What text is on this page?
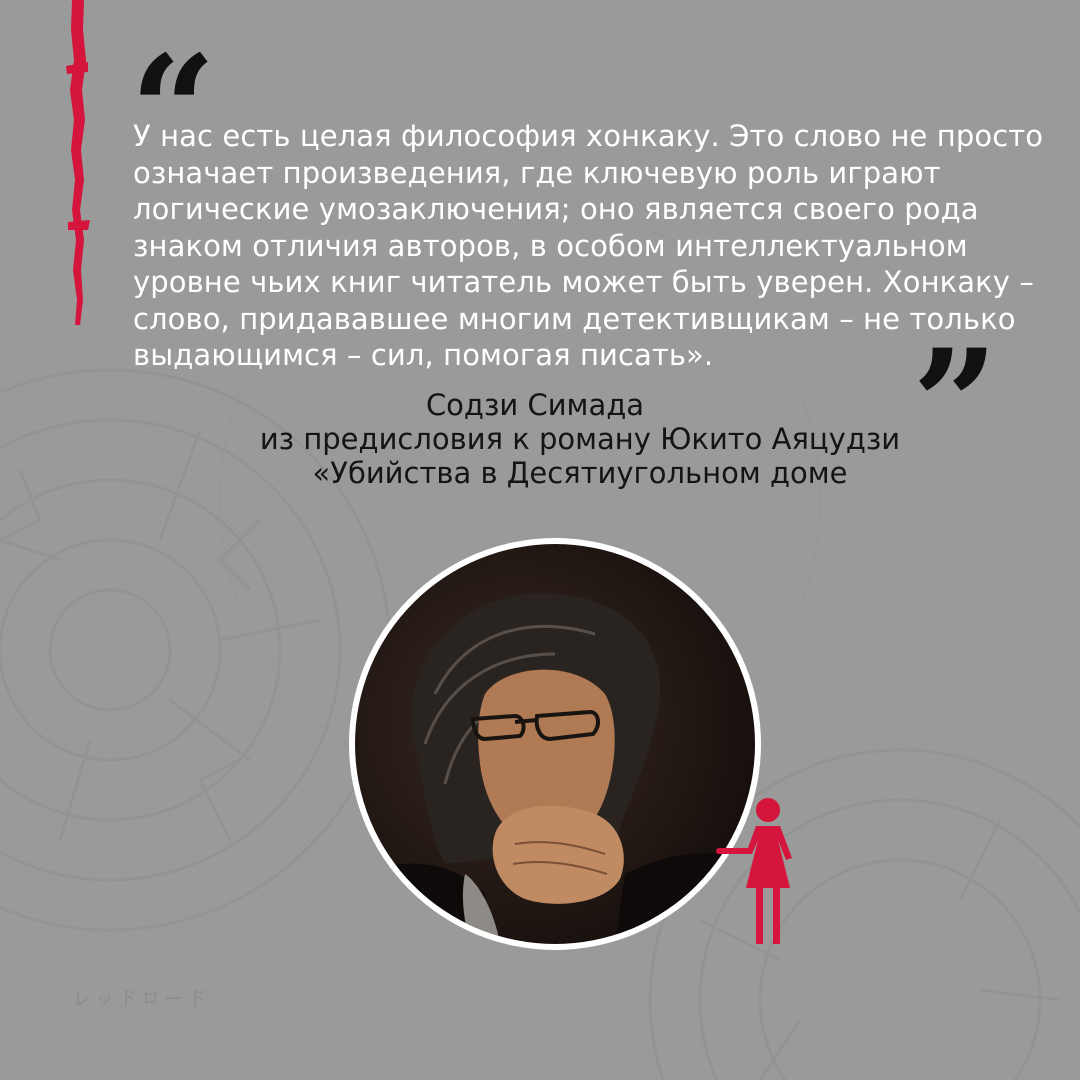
“
У нас есть целая философия хонкаку. Это слово не просто
означает произведения, где ключевую роль играют
логические умозаключения; оно является своего рода
знаком отличия авторов, в особом интеллектуальном
уровне чьих книг читатель может быть уверен. Хонкаку –
слово, придававшее многим детективщикам – не только
выдающимся – сил, помогая писать».	”
Содзи Симада
из предисловия к роману Юкито Аяцудзи
«Убийства в Десятиугольном доме
レッドロード
